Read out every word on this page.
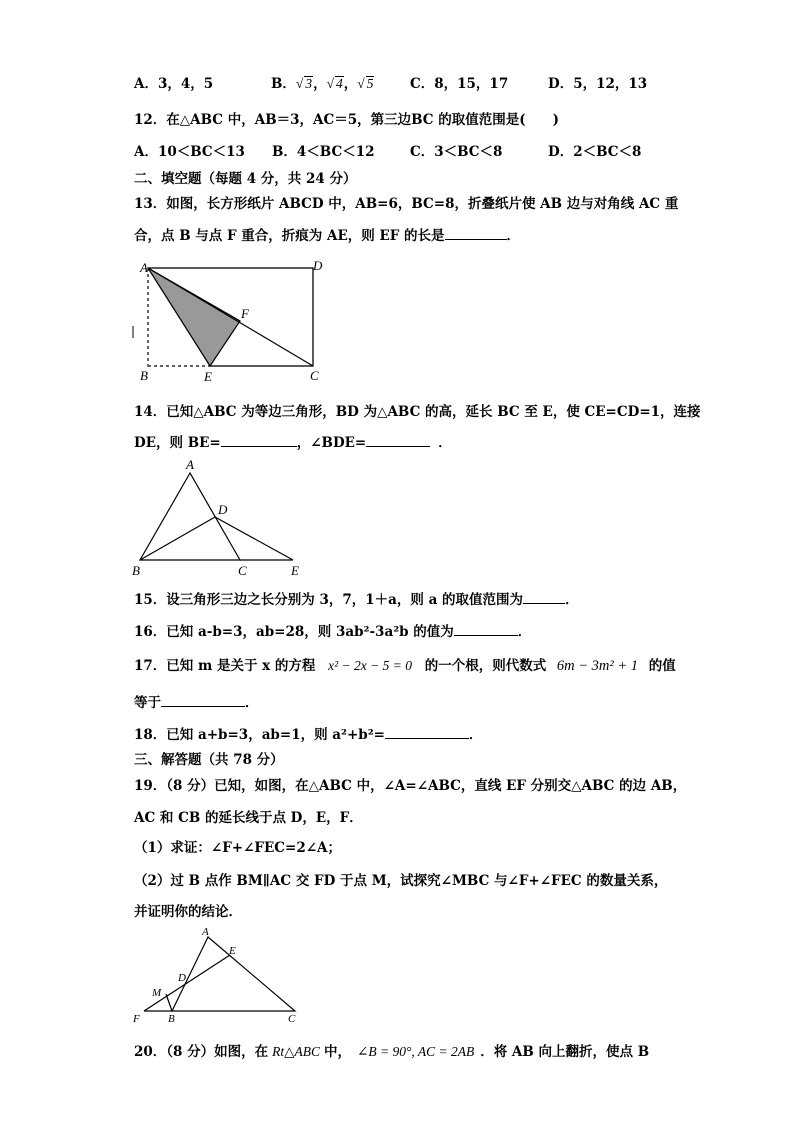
A．3，4，5	B．√ 3，√ 4，√ 5	C．8，15，17	D．5，12，13
12．在△ABC 中，AB＝3，AC＝5，第三边BC 的取值范围是(　　)
A．10＜BC＜13 B．4＜BC＜12	C．3＜BC＜8	D．2＜BC＜8
二、填空题（每题 4 分，共 24 分）
13．如图，长方形纸片 ABCD 中，AB=6，BC=8，折叠纸片使 AB 边与对角线 AC 重
合，点 B 与点 F 重合，折痕为 AE，则 EF 的长是	．
A	D
F
B	E	C
14．已知△ABC 为等边三角形，BD 为△ABC 的高，延长 BC 至 E，使 CE=CD=1，连接
DE，则 BE=	，∠BDE=	．
A
D
B	C	E
15．设三角形三边之长分别为 3，7，1＋a，则 a 的取值范围为	．
16．已知 a-b=3，ab=28，则 3ab²-3a²b 的值为	．
17．已知 m 是关于 x 的方程 x² − 2x − 5 = 0 的一个根，则代数式 6m − 3m² + 1 的值
等于	．
18．已知 a+b=3，ab=1，则 a²+b²=	．
三、解答题（共 78 分）
19．（8 分）已知，如图，在△ABC 中，∠A=∠ABC，直线 EF 分别交△ABC 的边 AB，
AC 和 CB 的延长线于点 D，E，F．
（1）求证：∠F+∠FEC=2∠A；
（2）过 B 点作 BM∥AC 交 FD 于点 M，试探究∠MBC 与∠F+∠FEC 的数量关系，
并证明你的结论．
A
E
D
M
F	B	C
20．（8 分）如图，在 Rt△ABC 中， ∠B = 90°, AC = 2AB ．将 AB 向上翻折，使点 B
